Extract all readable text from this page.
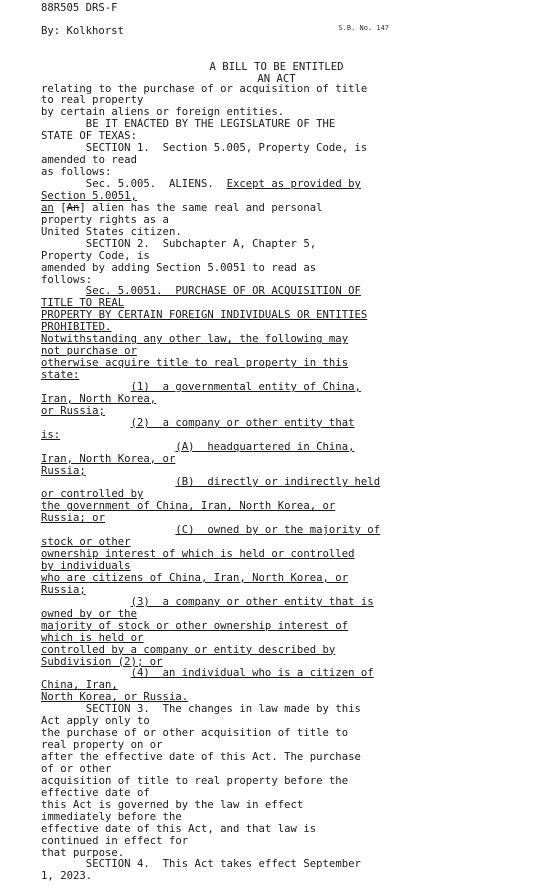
88R505 DRS-F
By: Kolkhorst	S.B. No. 147
A BILL TO BE ENTITLED
AN ACT
relating to the purchase of or acquisition of title
to real property
by certain aliens or foreign entities.
BE IT ENACTED BY THE LEGISLATURE OF THE
STATE OF TEXAS:
SECTION 1.  Section 5.005, Property Code, is
amended to read
as follows:
Sec. 5.005.  ALIENS.  Except as provided by
Section 5.0051,
an [An] alien has the same real and personal
property rights as a
United States citizen.
SECTION 2.  Subchapter A, Chapter 5,
Property Code, is
amended by adding Section 5.0051 to read as
follows:
Sec. 5.0051.  PURCHASE OF OR ACQUISITION OF
TITLE TO REAL
PROPERTY BY CERTAIN FOREIGN INDIVIDUALS OR ENTITIES
PROHIBITED.
Notwithstanding any other law, the following may
not purchase or
otherwise acquire title to real property in this
state:
(1)  a governmental entity of China,
Iran, North Korea,
or Russia;
(2)  a company or other entity that
is:
(A)  headquartered in China,
Iran, North Korea, or
Russia;
(B)  directly or indirectly held
or controlled by
the government of China, Iran, North Korea, or
Russia; or
(C)  owned by or the majority of
stock or other
ownership interest of which is held or controlled
by individuals
who are citizens of China, Iran, North Korea, or
Russia;
(3)  a company or other entity that is
owned by or the
majority of stock or other ownership interest of
which is held or
controlled by a company or entity described by
Subdivision (2); or
(4)  an individual who is a citizen of
China, Iran,
North Korea, or Russia.
SECTION 3.  The changes in law made by this
Act apply only to
the purchase of or other acquisition of title to
real property on or
after the effective date of this Act. The purchase
of or other
acquisition of title to real property before the
effective date of
this Act is governed by the law in effect
immediately before the
effective date of this Act, and that law is
continued in effect for
that purpose.
SECTION 4.  This Act takes effect September
1, 2023.
